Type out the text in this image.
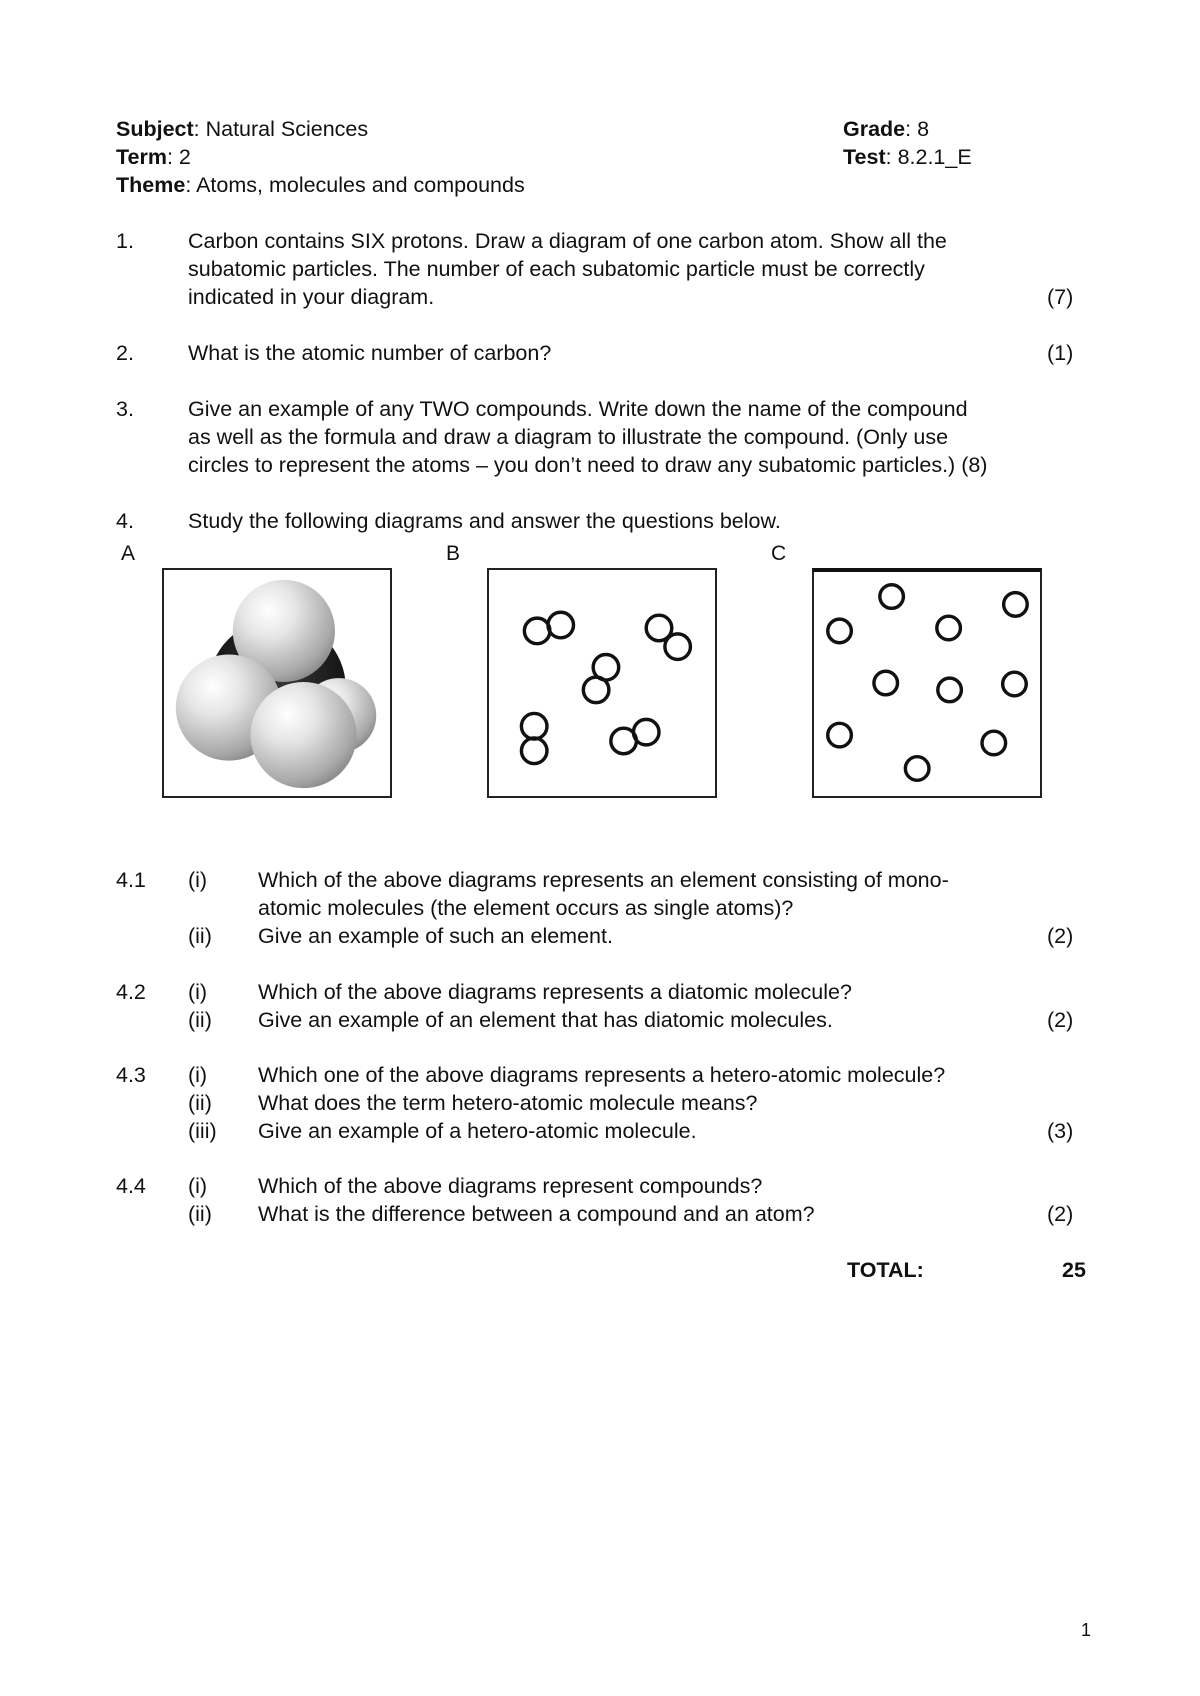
Subject: Natural Sciences	Grade: 8
Term: 2	Test: 8.2.1_E
Theme: Atoms, molecules and compounds
1.	Carbon contains SIX protons. Draw a diagram of one carbon atom. Show all the
subatomic particles. The number of each subatomic particle must be correctly
indicated in your diagram.	(7)
2.	What is the atomic number of carbon?	(1)
3.	Give an example of any TWO compounds. Write down the name of the compound
as well as the formula and draw a diagram to illustrate the compound. (Only use
circles to represent the atoms – you don’t need to draw any subatomic particles.) (8)
4.	Study the following diagrams and answer the questions below.
A	B	C
4.1 (i) Which of the above diagrams represents an element consisting of mono-
atomic molecules (the element occurs as single atoms)?
(ii) Give an example of such an element.	(2)
4.2 (i) Which of the above diagrams represents a diatomic molecule?
(ii) Give an example of an element that has diatomic molecules.	(2)
4.3 (i) Which one of the above diagrams represents a hetero-atomic molecule?
(ii) What does the term hetero-atomic molecule means?
(iii) Give an example of a hetero-atomic molecule.	(3)
4.4 (i) Which of the above diagrams represent compounds?
(ii) What is the difference between a compound and an atom?	(2)
TOTAL:	25
1
